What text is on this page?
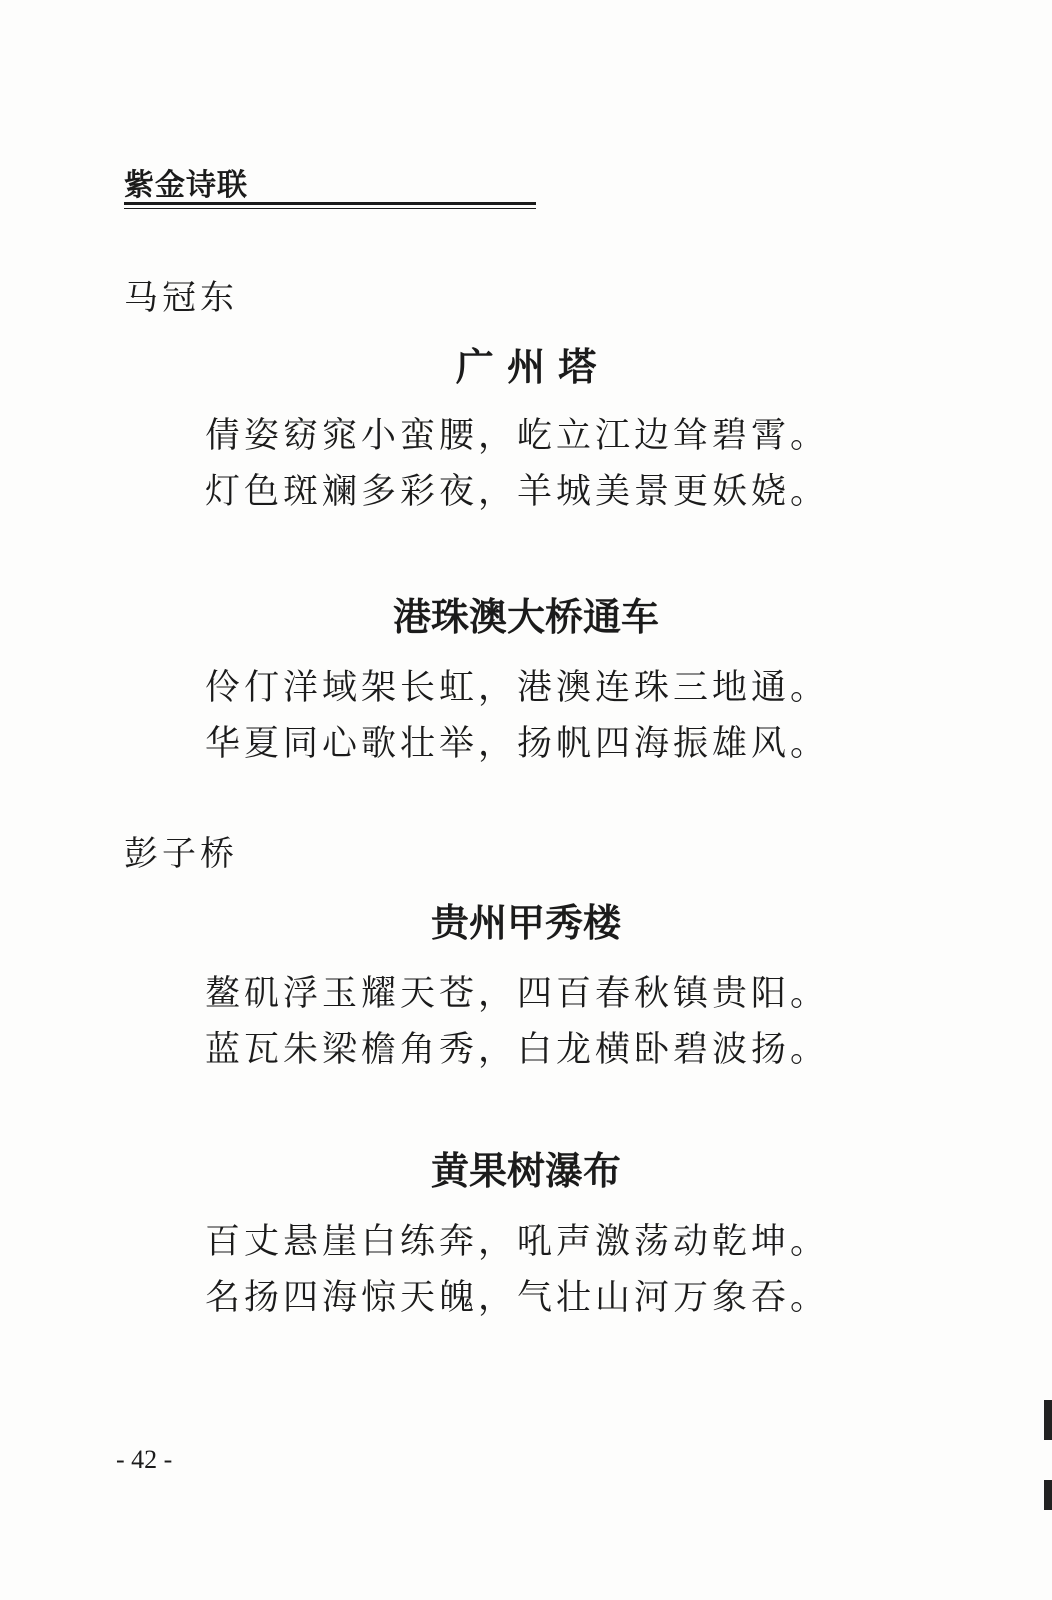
紫金诗联
马冠东
广 州 塔
倩姿窈窕小蛮腰，屹立江边耸碧霄。
灯色斑斓多彩夜，羊城美景更妖娆。
港珠澳大桥通车
伶仃洋域架长虹，港澳连珠三地通。
华夏同心歌壮举，扬帆四海振雄风。
彭子桥
贵州甲秀楼
鳌矶浮玉耀天苍，四百春秋镇贵阳。
蓝瓦朱梁檐角秀，白龙横卧碧波扬。
黄果树瀑布
百丈悬崖白练奔，吼声激荡动乾坤。
名扬四海惊天魄，气壮山河万象吞。
- 42 -
